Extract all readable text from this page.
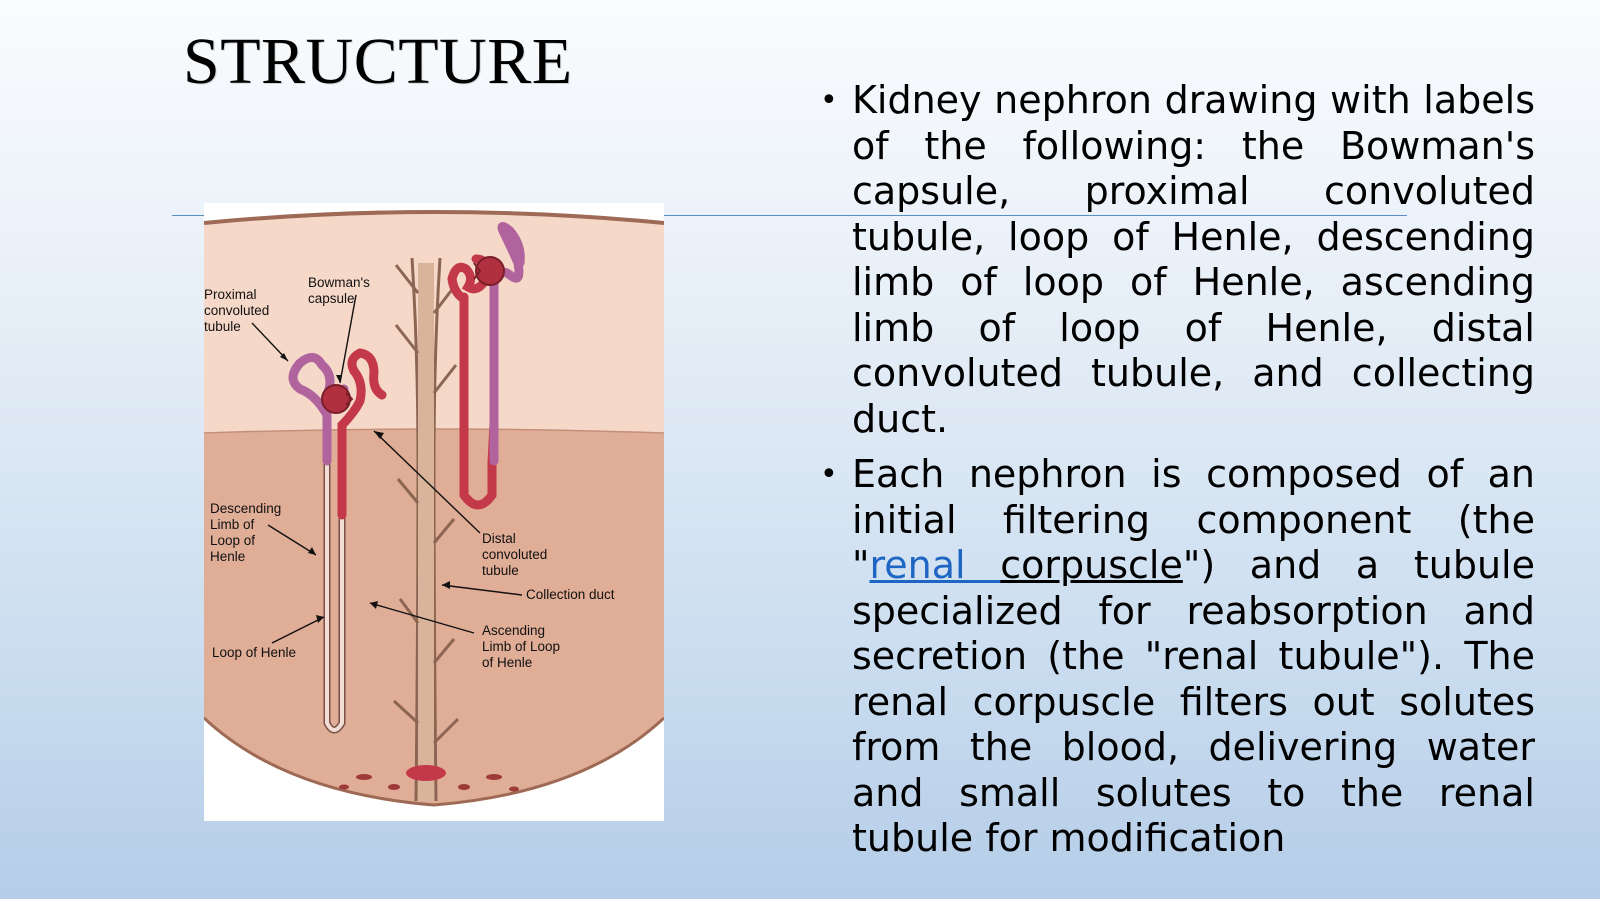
STRUCTURE
Proximal convoluted tubule
Bowman's capsule
Descending Limb of Loop of Henle
Loop of Henle
Distal convoluted tubule
Collection duct
Ascending Limb of Loop of Henle
• Kidney nephron drawing with labels of the following: the Bowman's capsule, proximal convoluted tubule, loop of Henle, descending limb of loop of Henle, ascending limb of loop of Henle, distal convoluted tubule, and collecting duct.
• Each nephron is composed of an initial filtering component (the "renal corpuscle") and a tubule specialized for reabsorption and secretion (the "renal tubule"). The renal corpuscle filters out solutes from the blood, delivering water and small solutes to the renal tubule for modification
